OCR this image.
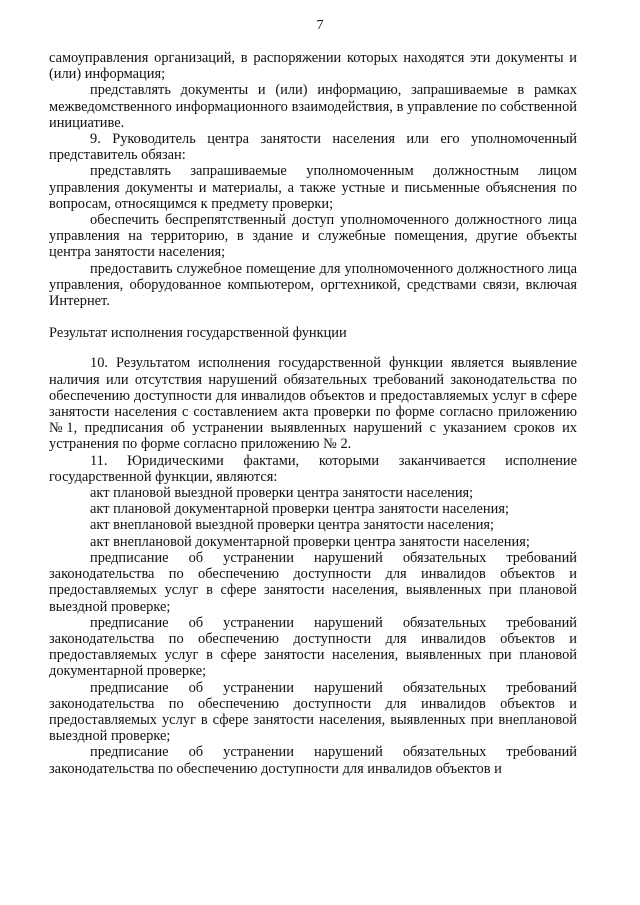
7

самоуправления организаций, в распоряжении которых находятся эти документы и (или) информация;

представлять документы и (или) информацию, запрашиваемые в рамках межведомственного информационного взаимодействия, в управление по собственной инициативе.

9. Руководитель центра занятости населения или его уполномоченный представитель обязан:

представлять запрашиваемые уполномоченным должностным лицом управления документы и материалы, а также устные и письменные объяснения по вопросам, относящимся к предмету проверки;

обеспечить беспрепятственный доступ уполномоченного должностного лица управления на территорию, в здание и служебные помещения, другие объекты центра занятости населения;

предоставить служебное помещение для уполномоченного должностного лица управления, оборудованное компьютером, оргтехникой, средствами связи, включая Интернет.

Результат исполнения государственной функции

10. Результатом исполнения государственной функции является выявление наличия или отсутствия нарушений обязательных требований законодательства по обеспечению доступности для инвалидов объектов и предоставляемых услуг в сфере занятости населения с составлением акта проверки по форме согласно приложению №1, предписания об устранении выявленных нарушений с указанием сроков их устранения по форме согласно приложению № 2.

11. Юридическими фактами, которыми заканчивается исполнение государственной функции, являются:

акт плановой выездной проверки центра занятости населения;

акт плановой документарной проверки центра занятости населения;

акт внеплановой выездной проверки центра занятости населения;

акт внеплановой документарной проверки центра занятости населения;

предписание об устранении нарушений обязательных требований законодательства по обеспечению доступности для инвалидов объектов и предоставляемых услуг в сфере занятости населения, выявленных при плановой выездной проверке;

предписание об устранении нарушений обязательных требований законодательства по обеспечению доступности для инвалидов объектов и предоставляемых услуг в сфере занятости населения, выявленных при плановой документарной проверке;

предписание об устранении нарушений обязательных требований законодательства по обеспечению доступности для инвалидов объектов и предоставляемых услуг в сфере занятости населения, выявленных при внеплановой выездной проверке;

предписание об устранении нарушений обязательных требований законодательства по обеспечению доступности для инвалидов объектов и
